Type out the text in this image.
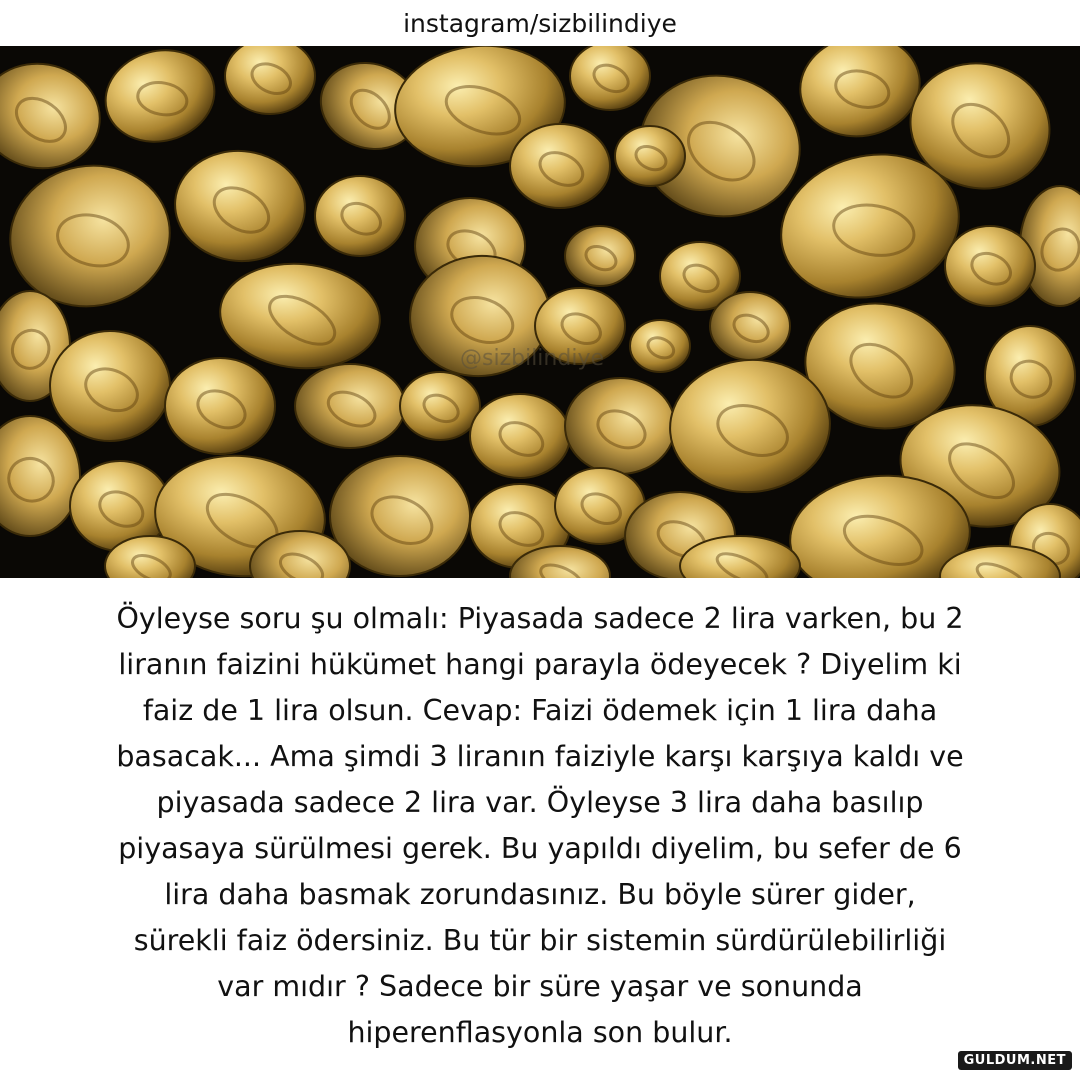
instagram/sizbilindiye
@sizbilindiye
Öyleyse soru şu olmalı: Piyasada sadece 2 lira varken, bu 2
liranın faizini hükümet hangi parayla ödeyecek ? Diyelim ki
faiz de 1 lira olsun. Cevap: Faizi ödemek için 1 lira daha
basacak... Ama şimdi 3 liranın faiziyle karşı karşıya kaldı ve
piyasada sadece 2 lira var. Öyleyse 3 lira daha basılıp
piyasaya sürülmesi gerek. Bu yapıldı diyelim, bu sefer de 6
lira daha basmak zorundasınız. Bu böyle sürer gider,
sürekli faiz ödersiniz. Bu tür bir sistemin sürdürülebilirliği
var mıdır ? Sadece bir süre yaşar ve sonunda
hiperenflasyonla son bulur.
GULDUM.NET
